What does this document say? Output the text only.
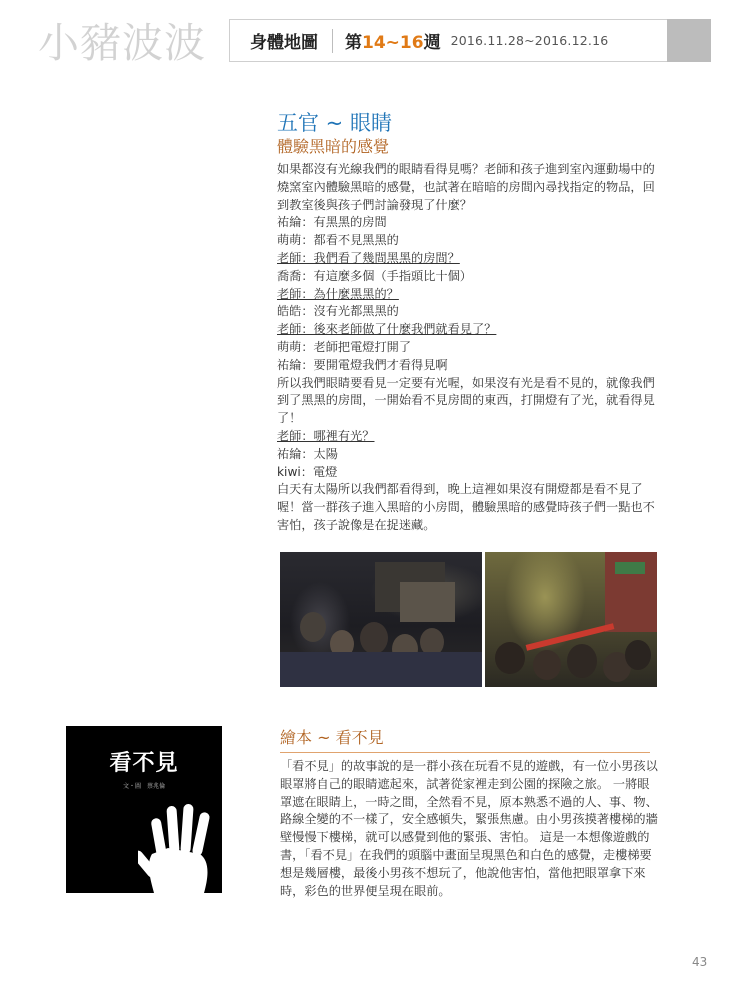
小豬波波	身體地圖 第14~16週 2016.11.28~2016.12.16
五官 ~ 眼睛
體驗黑暗的感覺

如果都沒有光線我們的眼睛看得見嗎？老師和孩子進到室內運動場中的燒窯室內體驗黑暗的感覺，也試著在暗暗的房間內尋找指定的物品，回到教室後與孩子們討論發現了什麼？

祐綸：有黑黑的房間
萌萌：都看不見黑黑的
老師：我們看了幾間黑黑的房間？
喬喬：有這麼多個（手指頭比十個）
老師：為什麼黑黑的？
皓皓：沒有光都黑黑的
老師：後來老師做了什麼我們就看見了？
萌萌：老師把電燈打開了
祐綸：要開電燈我們才看得見啊

所以我們眼睛要看見一定要有光喔，如果沒有光是看不見的，就像我們到了黑黑的房間，一開始看不見房間的東西，打開燈有了光，就看得見了！

老師：哪裡有光？
祐綸：太陽
kiwi：電燈

白天有太陽所以我們都看得到，晚上這裡如果沒有開燈都是看不見了喔！當一群孩子進入黑暗的小房間，體驗黑暗的感覺時孩子們一點也不害怕，孩子說像是在捉迷藏。

看不見
文・圖　蔡兆倫
繪本 ~ 看不見

「看不見」的故事說的是一群小孩在玩看不見的遊戲，有一位小男孩以眼罩將自己的眼睛遮起來，試著從家裡走到公園的探險之旅。 一將眼罩遮在眼睛上，一時之間，全然看不見，原本熟悉不過的人、事、物、路線全變的不一樣了，安全感頓失，緊張焦慮。由小男孩摸著樓梯的牆壁慢慢下樓梯，就可以感覺到他的緊張、害怕。 這是一本想像遊戲的書，「看不見」在我們的頭腦中畫面呈現黑色和白色的感覺，走樓梯要想是幾層樓，最後小男孩不想玩了，他說他害怕，當他把眼罩拿下來時，彩色的世界便呈現在眼前。

43
